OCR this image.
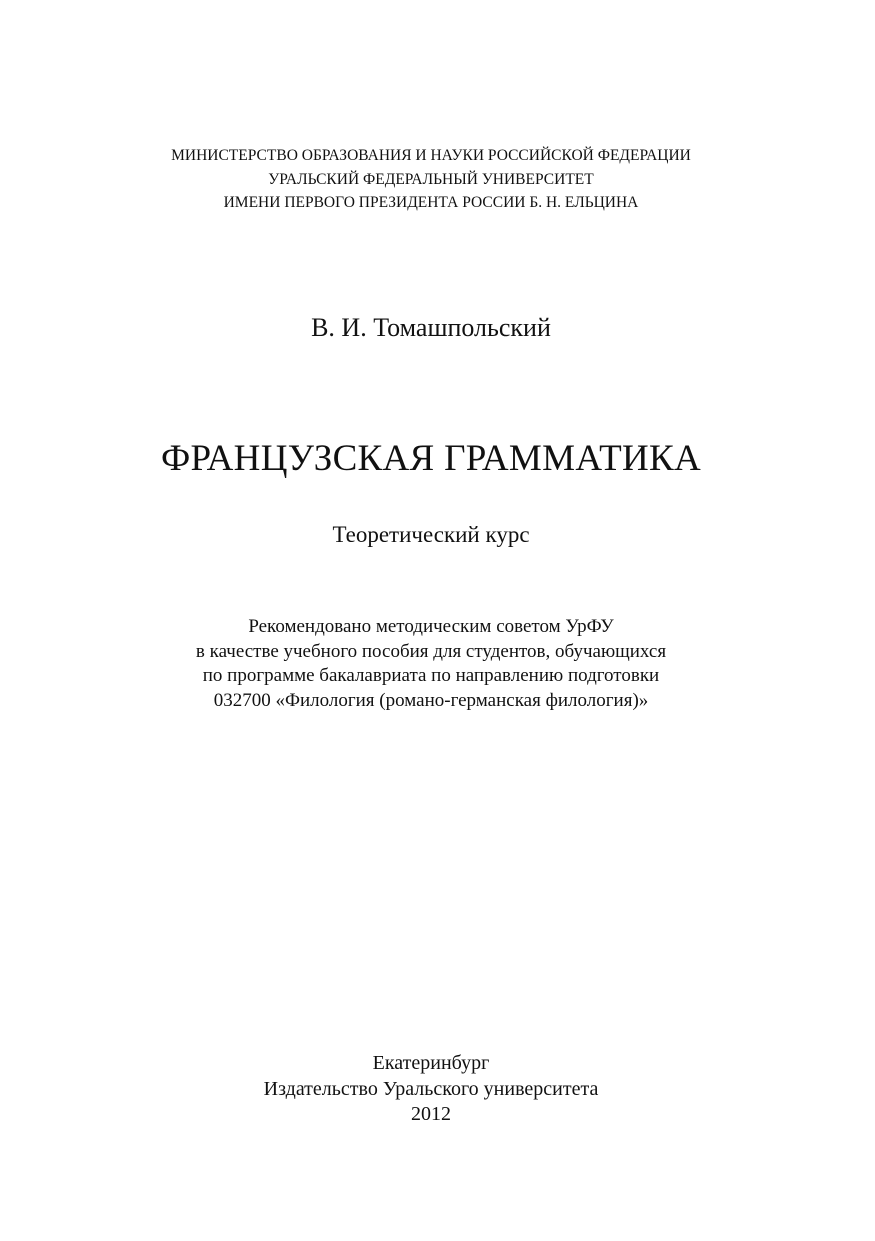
МИНИСТЕРСТВО ОБРАЗОВАНИЯ И НАУКИ РОССИЙСКОЙ ФЕДЕРАЦИИ
УРАЛЬСКИЙ ФЕДЕРАЛЬНЫЙ УНИВЕРСИТЕТ
ИМЕНИ ПЕРВОГО ПРЕЗИДЕНТА РОССИИ Б. Н. ЕЛЬЦИНА
В. И. Томашпольский
ФРАНЦУЗСКАЯ ГРАММАТИКА
Теоретический курс
Рекомендовано методическим советом УрФУ
в качестве учебного пособия для студентов, обучающихся
по программе бакалавриата по направлению подготовки
032700 «Филология (романо-германская филология)»
Екатеринбург
Издательство Уральского университета
2012
